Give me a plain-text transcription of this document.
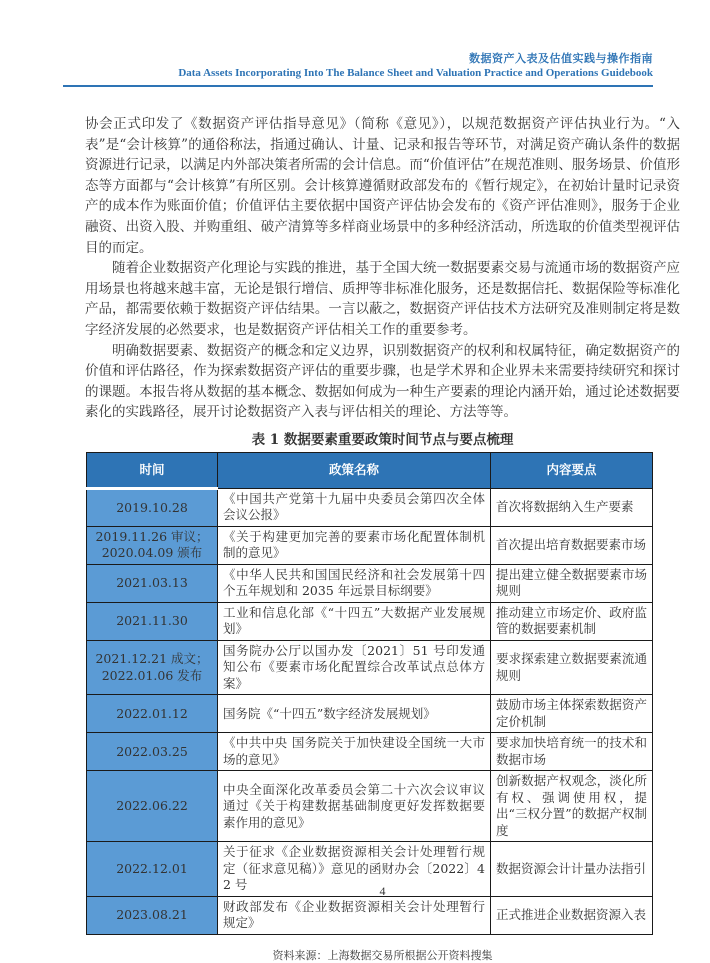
数据资产入表及估值实践与操作指南
Data Assets Incorporating Into The Balance Sheet and Valuation Practice and Operations Guidebook

协会正式印发了《数据资产评估指导意见》（简称《意见》），以规范数据资产评估执业行为。“入表”是“会计核算”的通俗称法，指通过确认、计量、记录和报告等环节，对满足资产确认条件的数据资源进行记录，以满足内外部决策者所需的会计信息。而“价值评估”在规范准则、服务场景、价值形态等方面都与“会计核算”有所区别。会计核算遵循财政部发布的《暂行规定》，在初始计量时记录资产的成本作为账面价值；价值评估主要依据中国资产评估协会发布的《资产评估准则》，服务于企业融资、出资入股、并购重组、破产清算等多样商业场景中的多种经济活动，所选取的价值类型视评估目的而定。

随着企业数据资产化理论与实践的推进，基于全国大统一数据要素交易与流通市场的数据资产应用场景也将越来越丰富，无论是银行增信、质押等非标准化服务，还是数据信托、数据保险等标准化产品，都需要依赖于数据资产评估结果。一言以蔽之，数据资产评估技术方法研究及准则制定将是数字经济发展的必然要求，也是数据资产评估相关工作的重要参考。

明确数据要素、数据资产的概念和定义边界，识别数据资产的权利和权属特征，确定数据资产的价值和评估路径，作为探索数据资产评估的重要步骤，也是学术界和企业界未来需要持续研究和探讨的课题。本报告将从数据的基本概念、数据如何成为一种生产要素的理论内涵开始，通过论述数据要素化的实践路径，展开讨论数据资产入表与评估相关的理论、方法等等。

表 1 数据要素重要政策时间节点与要点梳理
时间	政策名称	内容要点
2019.10.28	《中国共产党第十九届中央委员会第四次全体会议公报》	首次将数据纳入生产要素
2019.11.26 审议；2020.04.09 颁布	《关于构建更加完善的要素市场化配置体制机制的意见》	首次提出培育数据要素市场
2021.03.13	《中华人民共和国国民经济和社会发展第十四个五年规划和 2035 年远景目标纲要》	提出建立健全数据要素市场规则
2021.11.30	工业和信息化部《“十四五”大数据产业发展规划》	推动建立市场定价、政府监管的数据要素机制
2021.12.21 成文；2022.01.06 发布	国务院办公厅以国办发〔2021〕51 号印发通知公布《要素市场化配置综合改革试点总体方案》	要求探索建立数据要素流通规则
2022.01.12	国务院《“十四五”数字经济发展规划》	鼓励市场主体探索数据资产定价机制
2022.03.25	《中共中央 国务院关于加快建设全国统一大市场的意见》	要求加快培育统一的技术和数据市场
2022.06.22	中央全面深化改革委员会第二十六次会议审议通过《关于构建数据基础制度更好发挥数据要素作用的意见》	创新数据产权观念，淡化所有权、强调使用权，提出“三权分置”的数据产权制度
2022.12.01	关于征求《企业数据资源相关会计处理暂行规定（征求意见稿）》意见的函财办会〔2022〕42 号	数据资源会计计量办法指引
2023.08.21	财政部发布《企业数据资源相关会计处理暂行规定》	正式推进企业数据资源入表
资料来源：上海数据交易所根据公开资料搜集
4
